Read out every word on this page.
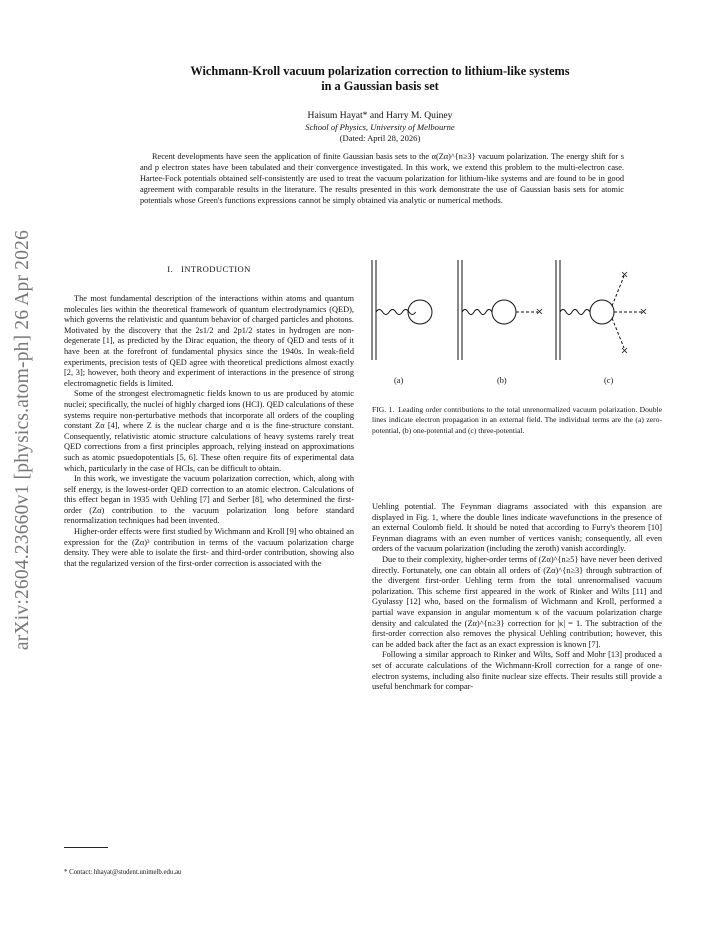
arXiv:2604.23660v1 [physics.atom-ph] 26 Apr 2026
Wichmann-Kroll vacuum polarization correction to lithium-like systems
in a Gaussian basis set
Haisum Hayat* and Harry M. Quiney
School of Physics, University of Melbourne
(Dated: April 28, 2026)
Recent developments have seen the application of finite Gaussian basis sets to the α(Zα)^{n≥3} vacuum polarization. The energy shift for s and p electron states have been tabulated and their convergence investigated. In this work, we extend this problem to the multi-electron case. Hartee-Fock potentials obtained self-consistently are used to treat the vacuum polarization for lithium-like systems and are found to be in good agreement with comparable results in the literature. The results presented in this work demonstrate the use of Gaussian basis sets for atomic potentials whose Green's functions expressions cannot be simply obtained via analytic or numerical methods.
I. INTRODUCTION

The most fundamental description of the interactions within atoms and quantum molecules lies within the theoretical framework of quantum electrodynamics (QED), which governs the relativistic and quantum behavior of charged particles and photons. Motivated by the discovery that the 2s1/2 and 2p1/2 states in hydrogen are non-degenerate [1], as predicted by the Dirac equation, the theory of QED and tests of it have been at the forefront of fundamental physics since the 1940s. In weak-field experiments, precision tests of QED agree with theoretical predictions almost exactly [2, 3]; however, both theory and experiment of interactions in the presence of strong electromagnetic fields is limited.

Some of the strongest electromagnetic fields known to us are produced by atomic nuclei; specifically, the nuclei of highly charged ions (HCI). QED calculations of these systems require non-perturbative methods that incorporate all orders of the coupling constant Zα [4], where Z is the nuclear charge and α is the fine-structure constant. Consequently, relativistic atomic structure calculations of heavy systems rarely treat QED corrections from a first principles approach, relying instead on approximations such as atomic psuedopotentials [5, 6]. These often require fits of experimental data which, particularly in the case of HCIs, can be difficult to obtain.

In this work, we investigate the vacuum polarization correction, which, along with self energy, is the lowest-order QED correction to an atomic electron. Calculations of this effect began in 1935 with Uehling [7] and Serber [8], who determined the first-order (Zα) contribution to the vacuum polarization long before standard renormalization techniques had been invented.

Higher-order effects were first studied by Wichmann and Kroll [9] who obtained an expression for the (Zα)³ contribution in terms of the vacuum polarization charge density. They were able to isolate the first- and third-order contribution, showing also that the regularized version of the first-order correction is associated with the

* Contact: hhayat@student.unimelb.edu.au
(a)	(b)	(c)
FIG. 1. Leading order contributions to the total unrenormalized vacuum polarization. Double lines indicate electron propagation in an external field. The individual terms are the (a) zero-potential, (b) one-potential and (c) three-potential.

Uehling potential. The Feynman diagrams associated with this expansion are displayed in Fig. 1, where the double lines indicate wavefunctions in the presence of an external Coulomb field. It should be noted that according to Furry's theorem [10] Feynman diagrams with an even number of vertices vanish; consequently, all even orders of the vacuum polarization (including the zeroth) vanish accordingly.

Due to their complexity, higher-order terms of (Zα)^{n≥5} have never been derived directly. Fortunately, one can obtain all orders of (Zα)^{n≥3} through subtraction of the divergent first-order Uehling term from the total unrenormalised vacuum polarization. This scheme first appeared in the work of Rinker and Wilts [11] and Gyulassy [12] who, based on the formalism of Wichmann and Kroll, performed a partial wave expansion in angular momentum κ of the vacuum polarization charge density and calculated the (Zα)^{n≥3} correction for |κ| = 1. The subtraction of the first-order correction also removes the physical Uehling contribution; however, this can be added back after the fact as an exact expression is known [7].

Following a similar approach to Rinker and Wilts, Soff and Mohr [13] produced a set of accurate calculations of the Wichmann-Kroll correction for a range of one-electron systems, including also finite nuclear size effects. Their results still provide a useful benchmark for compar-
